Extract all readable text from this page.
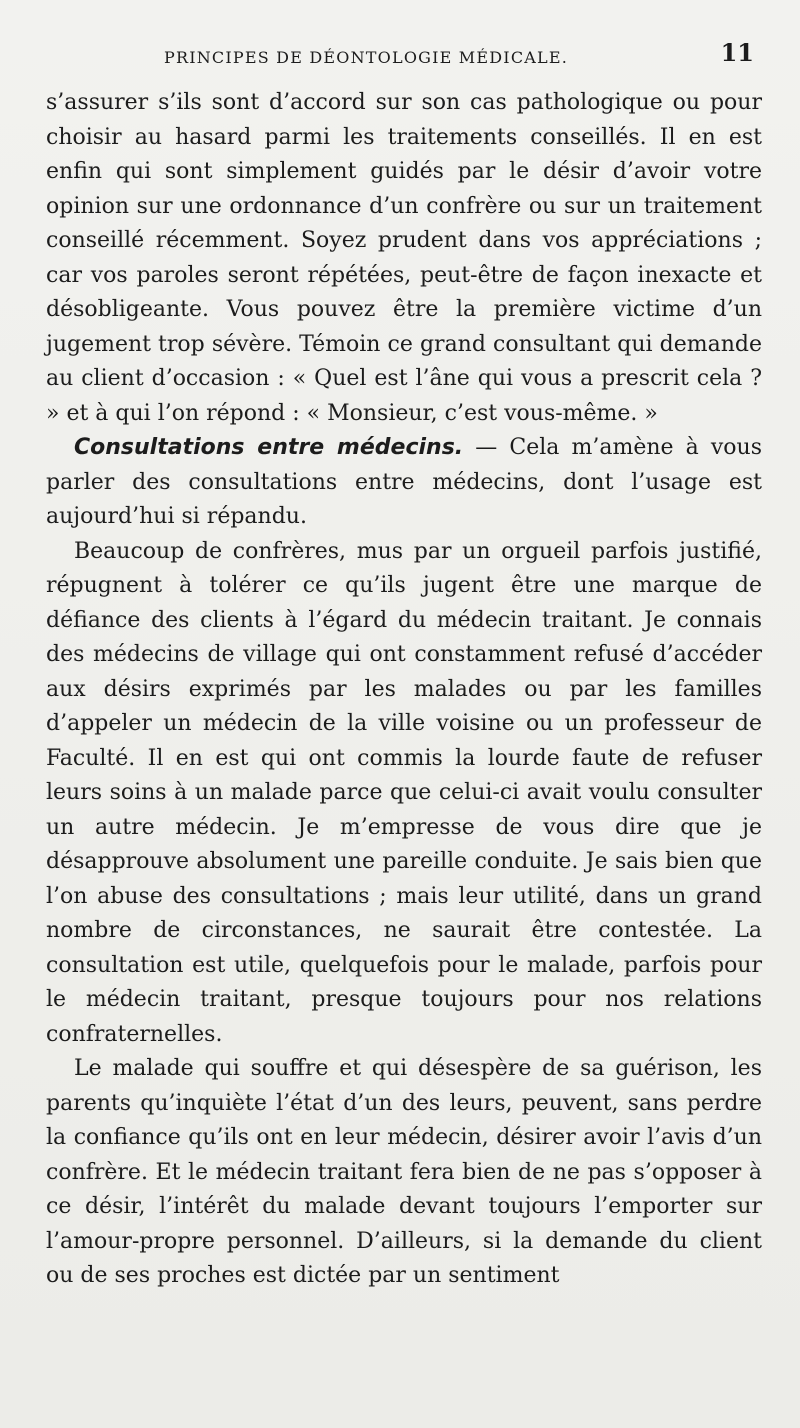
PRINCIPES DE DÉONTOLOGIE MÉDICALE.	11

s’assurer s’ils sont d’accord sur son cas pathologique ou pour choisir au hasard parmi les traitements conseillés. Il en est enfin qui sont simplement guidés par le désir d’avoir votre opinion sur une ordonnance d’un confrère ou sur un traitement conseillé récemment. Soyez prudent dans vos appréciations ; car vos paroles seront répétées, peut-être de façon inexacte et désobligeante. Vous pouvez être la première victime d’un jugement trop sévère. Témoin ce grand consultant qui demande au client d’occasion : « Quel est l’âne qui vous a prescrit cela ? » et à qui l’on répond : « Monsieur, c’est vous-même. »

Consultations entre médecins. — Cela m’amène à vous parler des consultations entre médecins, dont l’usage est aujourd’hui si répandu.

Beaucoup de confrères, mus par un orgueil parfois justifié, répugnent à tolérer ce qu’ils jugent être une marque de défiance des clients à l’égard du médecin traitant. Je connais des médecins de village qui ont constamment refusé d’accéder aux désirs exprimés par les malades ou par les familles d’appeler un médecin de la ville voisine ou un professeur de Faculté. Il en est qui ont commis la lourde faute de refuser leurs soins à un malade parce que celui-ci avait voulu consulter un autre médecin. Je m’empresse de vous dire que je désapprouve absolument une pareille conduite. Je sais bien que l’on abuse des consultations ; mais leur utilité, dans un grand nombre de circonstances, ne saurait être contestée. La consultation est utile, quelquefois pour le malade, parfois pour le médecin traitant, presque toujours pour nos relations confraternelles.

Le malade qui souffre et qui désespère de sa guérison, les parents qu’inquiète l’état d’un des leurs, peuvent, sans perdre la confiance qu’ils ont en leur médecin, désirer avoir l’avis d’un confrère. Et le médecin traitant fera bien de ne pas s’opposer à ce désir, l’intérêt du malade devant toujours l’emporter sur l’amour-propre personnel. D’ailleurs, si la demande du client ou de ses proches est dictée par un sentiment
